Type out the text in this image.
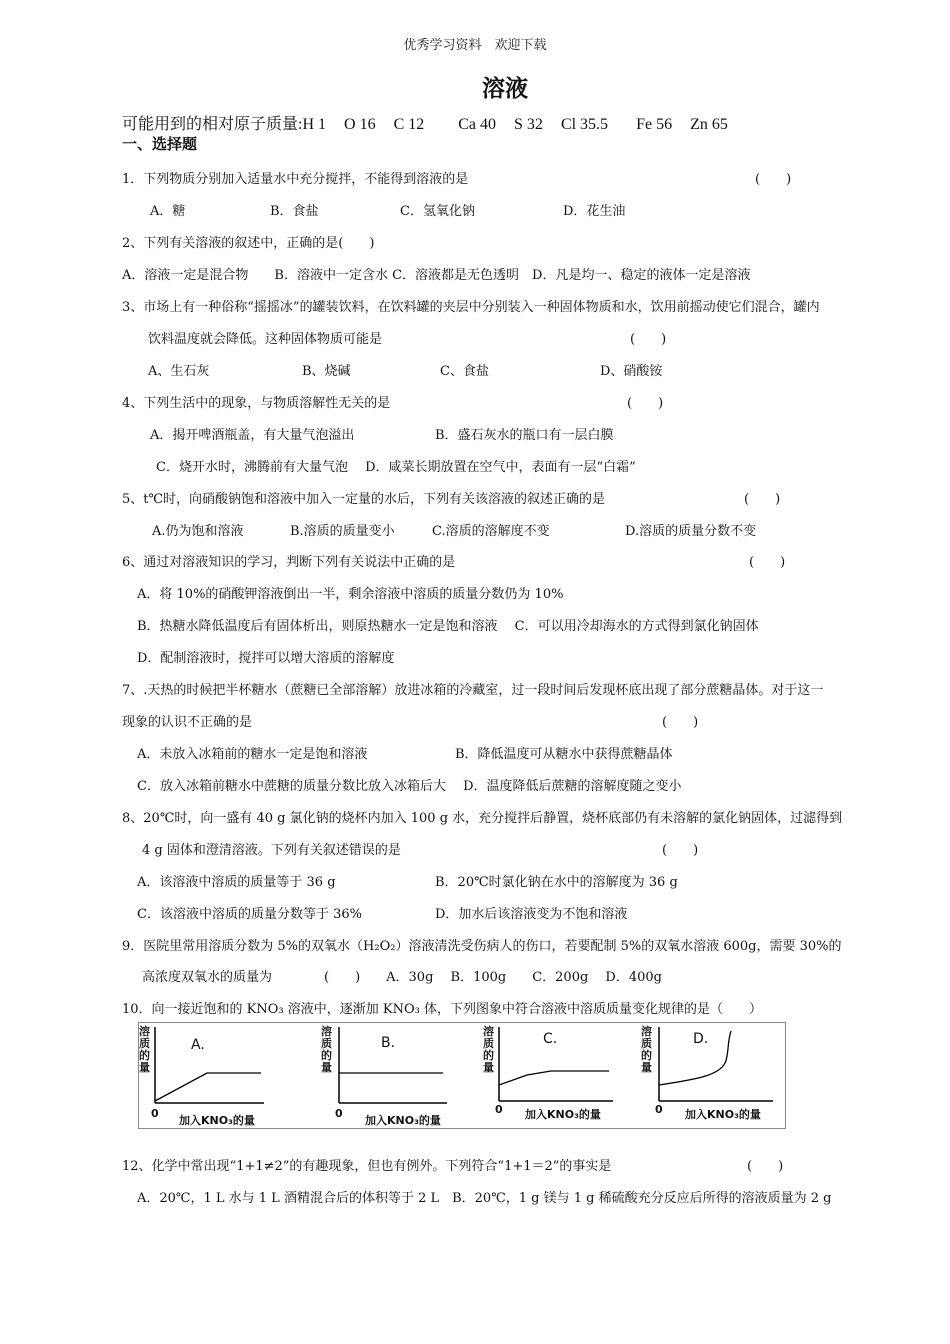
优秀学习资料　欢迎下载
溶液
可能用到的相对原子质量:H 1 O 16 C 12 Ca 40 S 32 Cl 35.5 Fe 56 Zn 65
一、选择题
1．下列物质分别加入适量水中充分搅拌，不能得到溶液的是	(　　)
A．糖	B．食盐	C．氢氧化钠	D．花生油
2、下列有关溶液的叙述中，正确的是(　　)
A．溶液一定是混合物　　B．溶液中一定含水 C．溶液都是无色透明　D．凡是均一、稳定的液体一定是溶液
3、市场上有一种俗称“摇摇冰”的罐装饮料，在饮料罐的夹层中分别装入一种固体物质和水，饮用前摇动使它们混合，罐内
饮料温度就会降低。这种固体物质可能是	(　　)
A、生石灰	B、烧碱	C、食盐	D、硝酸铵
4、下列生活中的现象，与物质溶解性无关的是	(　　)
A．揭开啤酒瓶盖，有大量气泡溢出	B．盛石灰水的瓶口有一层白膜
C．烧开水时，沸腾前有大量气泡　 D．咸菜长期放置在空气中，表面有一层“白霜”
5、t℃时，向硝酸钠饱和溶液中加入一定量的水后，下列有关该溶液的叙述正确的是	(　　)
A.仍为饱和溶液	B.溶质的质量变小	C.溶质的溶解度不变	D.溶质的质量分数不变
6、通过对溶液知识的学习，判断下列有关说法中正确的是	(　　)
A．将 10%的硝酸钾溶液倒出一半，剩余溶液中溶质的质量分数仍为 10%
B．热糖水降低温度后有固体析出，则原热糖水一定是饱和溶液　 C．可以用冷却海水的方式得到氯化钠固体
D．配制溶液时，搅拌可以增大溶质的溶解度
7、.天热的时候把半杯糖水（蔗糖已全部溶解）放进冰箱的冷藏室，过一段时间后发现杯底出现了部分蔗糖晶体。对于这一
现象的认识不正确的是	(　　)
A．未放入冰箱前的糖水一定是饱和溶液	B．降低温度可从糖水中获得蔗糖晶体
C．放入冰箱前糖水中蔗糖的质量分数比放入冰箱后大　 D．温度降低后蔗糖的溶解度随之变小
8、20℃时，向一盛有 40 g 氯化钠的烧杯内加入 100 g 水，充分搅拌后静置，烧杯底部仍有未溶解的氯化钠固体，过滤得到
4 g 固体和澄清溶液。下列有关叙述错误的是	(　　)
A．该溶液中溶质的质量等于 36 g	B．20℃时氯化钠在水中的溶解度为 36 g
C．该溶液中溶质的质量分数等于 36%	D．加水后该溶液变为不饱和溶液
9．医院里常用溶质分数为 5%的双氧水（H₂O₂）溶液清洗受伤病人的伤口，若要配制 5%的双氧水溶液 600g，需要 30%的
高浓度双氧水的质量为　　　　(　　)　　A．30g　 B．100g　　C．200g　 D．400g
10．向一接近饱和的 KNO₃ 溶液中，逐渐加 KNO₃ 体，下列图象中符合溶液中溶质质量变化规律的是（　　）
12、化学中常出现“1+1≠2”的有趣现象，但也有例外。下列符合“1+1＝2”的事实是	(　　)
A．20℃，1 L 水与 1 L 酒精混合后的体积等于 2 L　B．20℃，1 g 镁与 1 g 稀硫酸充分反应后所得的溶液质量为 2 g
溶质的量
A.
0
加入KNO₃的量
溶质的量
B.
0
加入KNO₃的量
溶质的量
C.
0 加入KNO₃的量
溶质的量
D.
0 加入KNO₃的量
